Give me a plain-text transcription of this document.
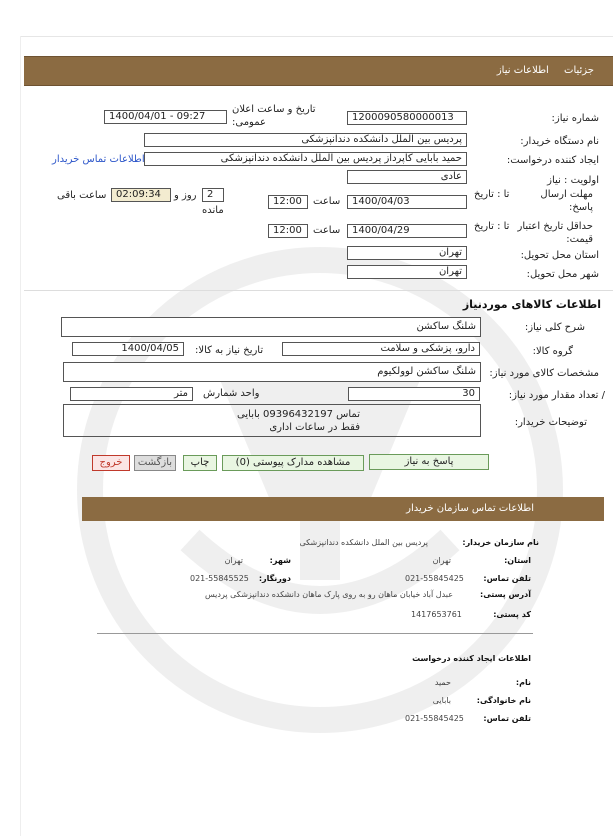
جزئیات اطلاعات نیاز
شماره نیاز:
1200090580000013
تاریخ و ساعت اعلان
عمومی:
1400/04/01 - 09:27
نام دستگاه خریدار:
پردیس بین الملل دانشکده دندانپزشکی
ایجاد کننده درخواست:
حمید بابایی کاپرداز پردیس بین الملل دانشکده دندانپزشکی
اطلاعات تماس خریدار
اولویت : نیاز
عادی
مهلت ارسال
پاسخ:
تا : تاریخ
1400/04/03
ساعت
12:00
2
روز و
مانده
02:09:34
ساعت باقی
حداقل تاریخ اعتبار
قیمت:
تا : تاریخ
1400/04/29
ساعت
12:00
استان محل تحویل:
تهران
شهر محل تحویل:
تهران
اطلاعات کالاهای موردنیاز
شرح کلی نیاز:
شلنگ ساکشن
گروه کالا:
دارو، پزشکی و سلامت
تاریخ نیاز به کالا:
1400/04/05
مشخصات کالای مورد نیاز:
شلنگ ساکشن لوولکیوم
/ تعداد مقدار مورد نیاز:
30
واحد شمارش
متر
توضیحات خریدار:
تماس 09396432197 بابایی
فقط در ساعات اداری
پاسخ به نیاز
مشاهده مدارک پیوستی (0)
چاپ
بازگشت
خروج
اطلاعات تماس سازمان خریدار
نام سازمان خریدار:
پردیس بین الملل دانشکده دندانپزشکی
استان:
تهران
شهر:
تهران
تلفن تماس:
021-55845425
دورنگار:
021-55845525
آدرس پستی:
عبدل آباد خیابان ماهان رو به روی پارک ماهان دانشکده دندانپزشکی پردیس
کد پستی:
1417653761
اطلاعات ایجاد کننده درخواست
نام:
حمید
نام خانوادگی:
بابایی
تلفن تماس:
021-55845425
